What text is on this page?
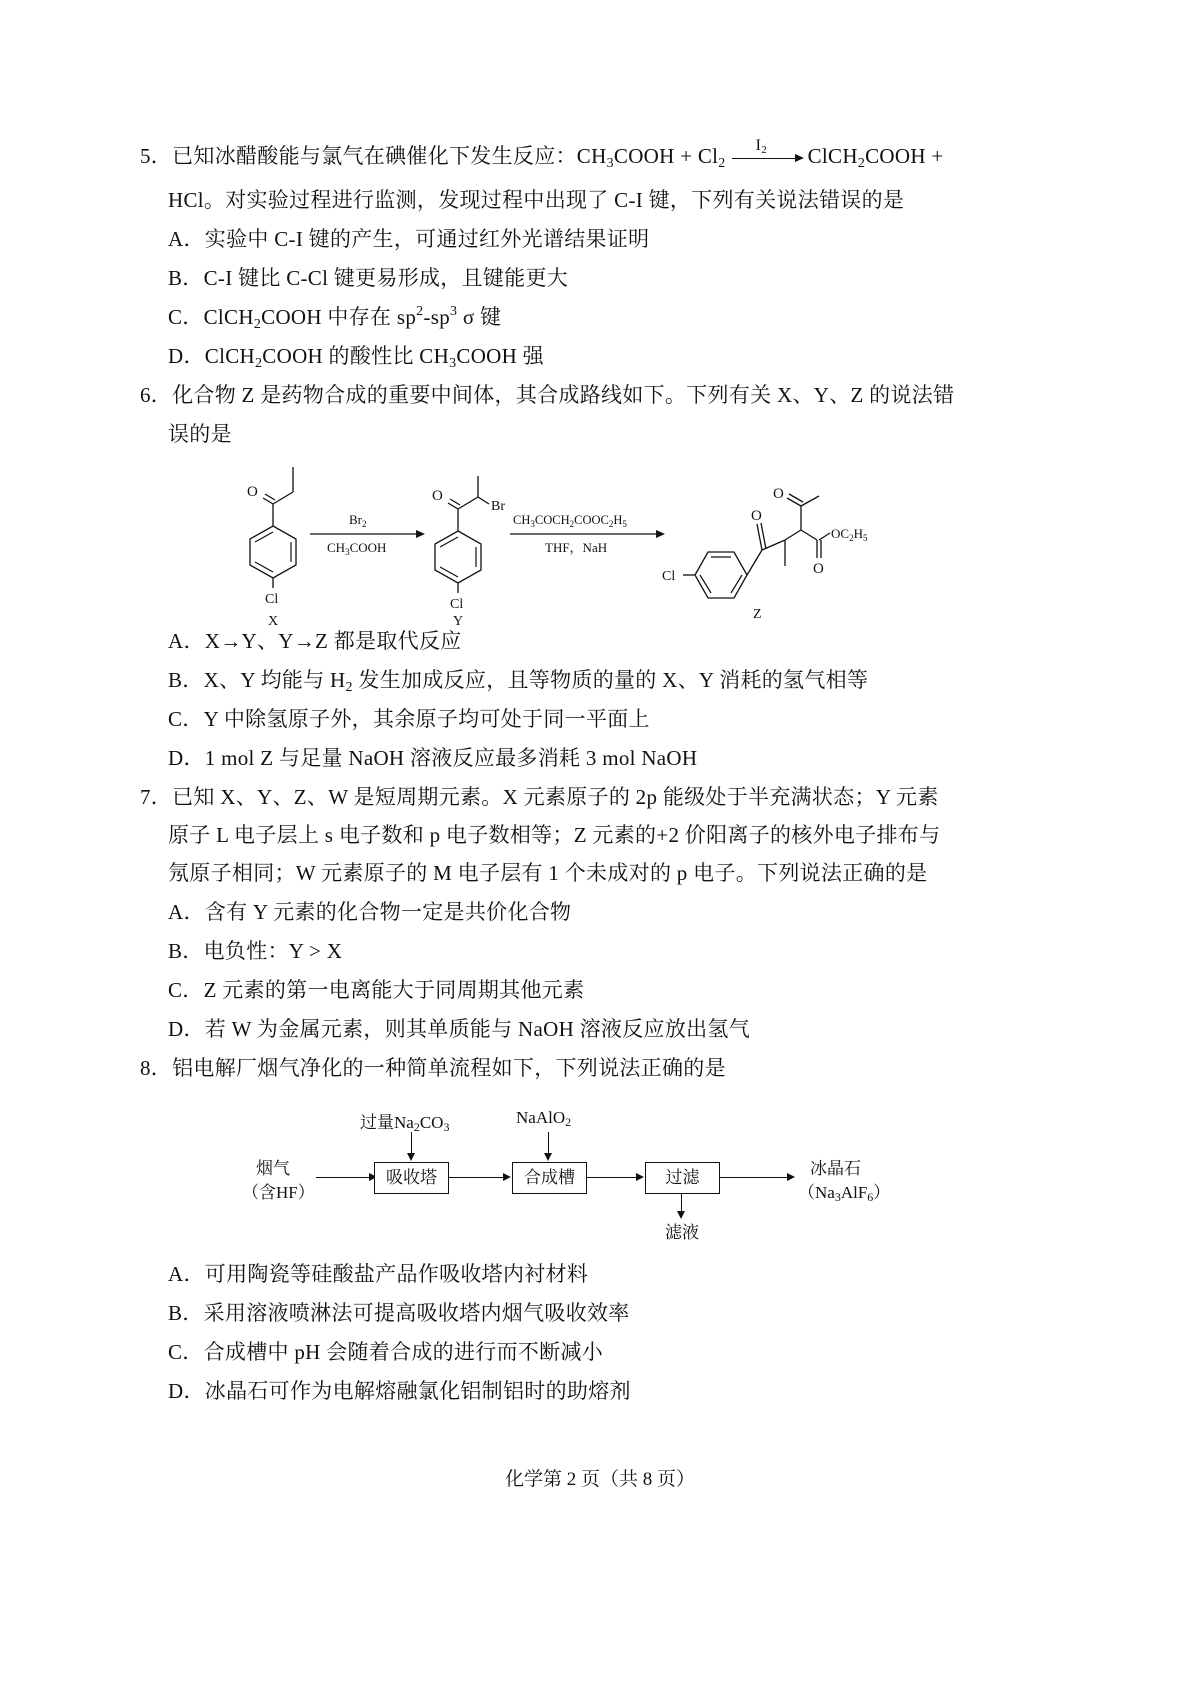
5．已知冰醋酸能与氯气在碘催化下发生反应：$CH_3COOH + Cl_2$
$I_2$ ClCH$_2$COOH +
HCl。对实验过程进行监测，发现过程中出现了 C-I 键，下列有关说法错误的是
A．实验中 C-I 键的产生，可通过红外光谱结果证明
B．C-I 键比 C-Cl 键更易形成，且键能更大
C．ClCH$_2$COOH 中存在 $sp^2-sp^3$ σ 键
D．ClCH$_2$COOH 的酸性比 $CH_3COOH$ 强
6．化合物 Z 是药物合成的重要中间体，其合成路线如下。下列有关 X、Y、Z 的说法错
误的是
O
Cl
X
$Br_2$
$CH_3COOH$
O
Br
Cl
Y
$CH_3COCH_2COOC_2H_5$
THF，NaH
O
O
O
$OC_2H_5$
Cl
Z
A．X→Y、Y→Z 都是取代反应
B．X、Y 均能与 $H_2$ 发生加成反应，且等物质的量的 X、Y 消耗的氢气相等
C．Y 中除氢原子外，其余原子均可处于同一平面上
D．1 mol Z 与足量 NaOH 溶液反应最多消耗 3 mol NaOH
7．已知 X、Y、Z、W 是短周期元素。X 元素原子的 2p 能级处于半充满状态；Y 元素
原子 L 电子层上 s 电子数和 p 电子数相等；Z 元素的+2 价阳离子的核外电子排布与
氖原子相同；W 元素原子的 M 电子层有 1 个未成对的 p 电子。下列说法正确的是
A．含有 Y 元素的化合物一定是共价化合物
B．电负性：Y > X
C．Z 元素的第一电离能大于同周期其他元素
D．若 W 为金属元素，则其单质能与 NaOH 溶液反应放出氢气
8．铝电解厂烟气净化的一种简单流程如下，下列说法正确的是
烟气
（含HF）
过量$Na_2CO_3$
吸收塔
NaAlO$_2$
合成槽	过滤
滤液
冰晶石
$(Na_3AlF_6)$
A．可用陶瓷等硅酸盐产品作吸收塔内衬材料
B．采用溶液喷淋法可提高吸收塔内烟气吸收效率
C．合成槽中 pH 会随着合成的进行而不断减小
D．冰晶石可作为电解熔融氯化铝制铝时的助熔剂
化学第 2 页（共 8 页）
